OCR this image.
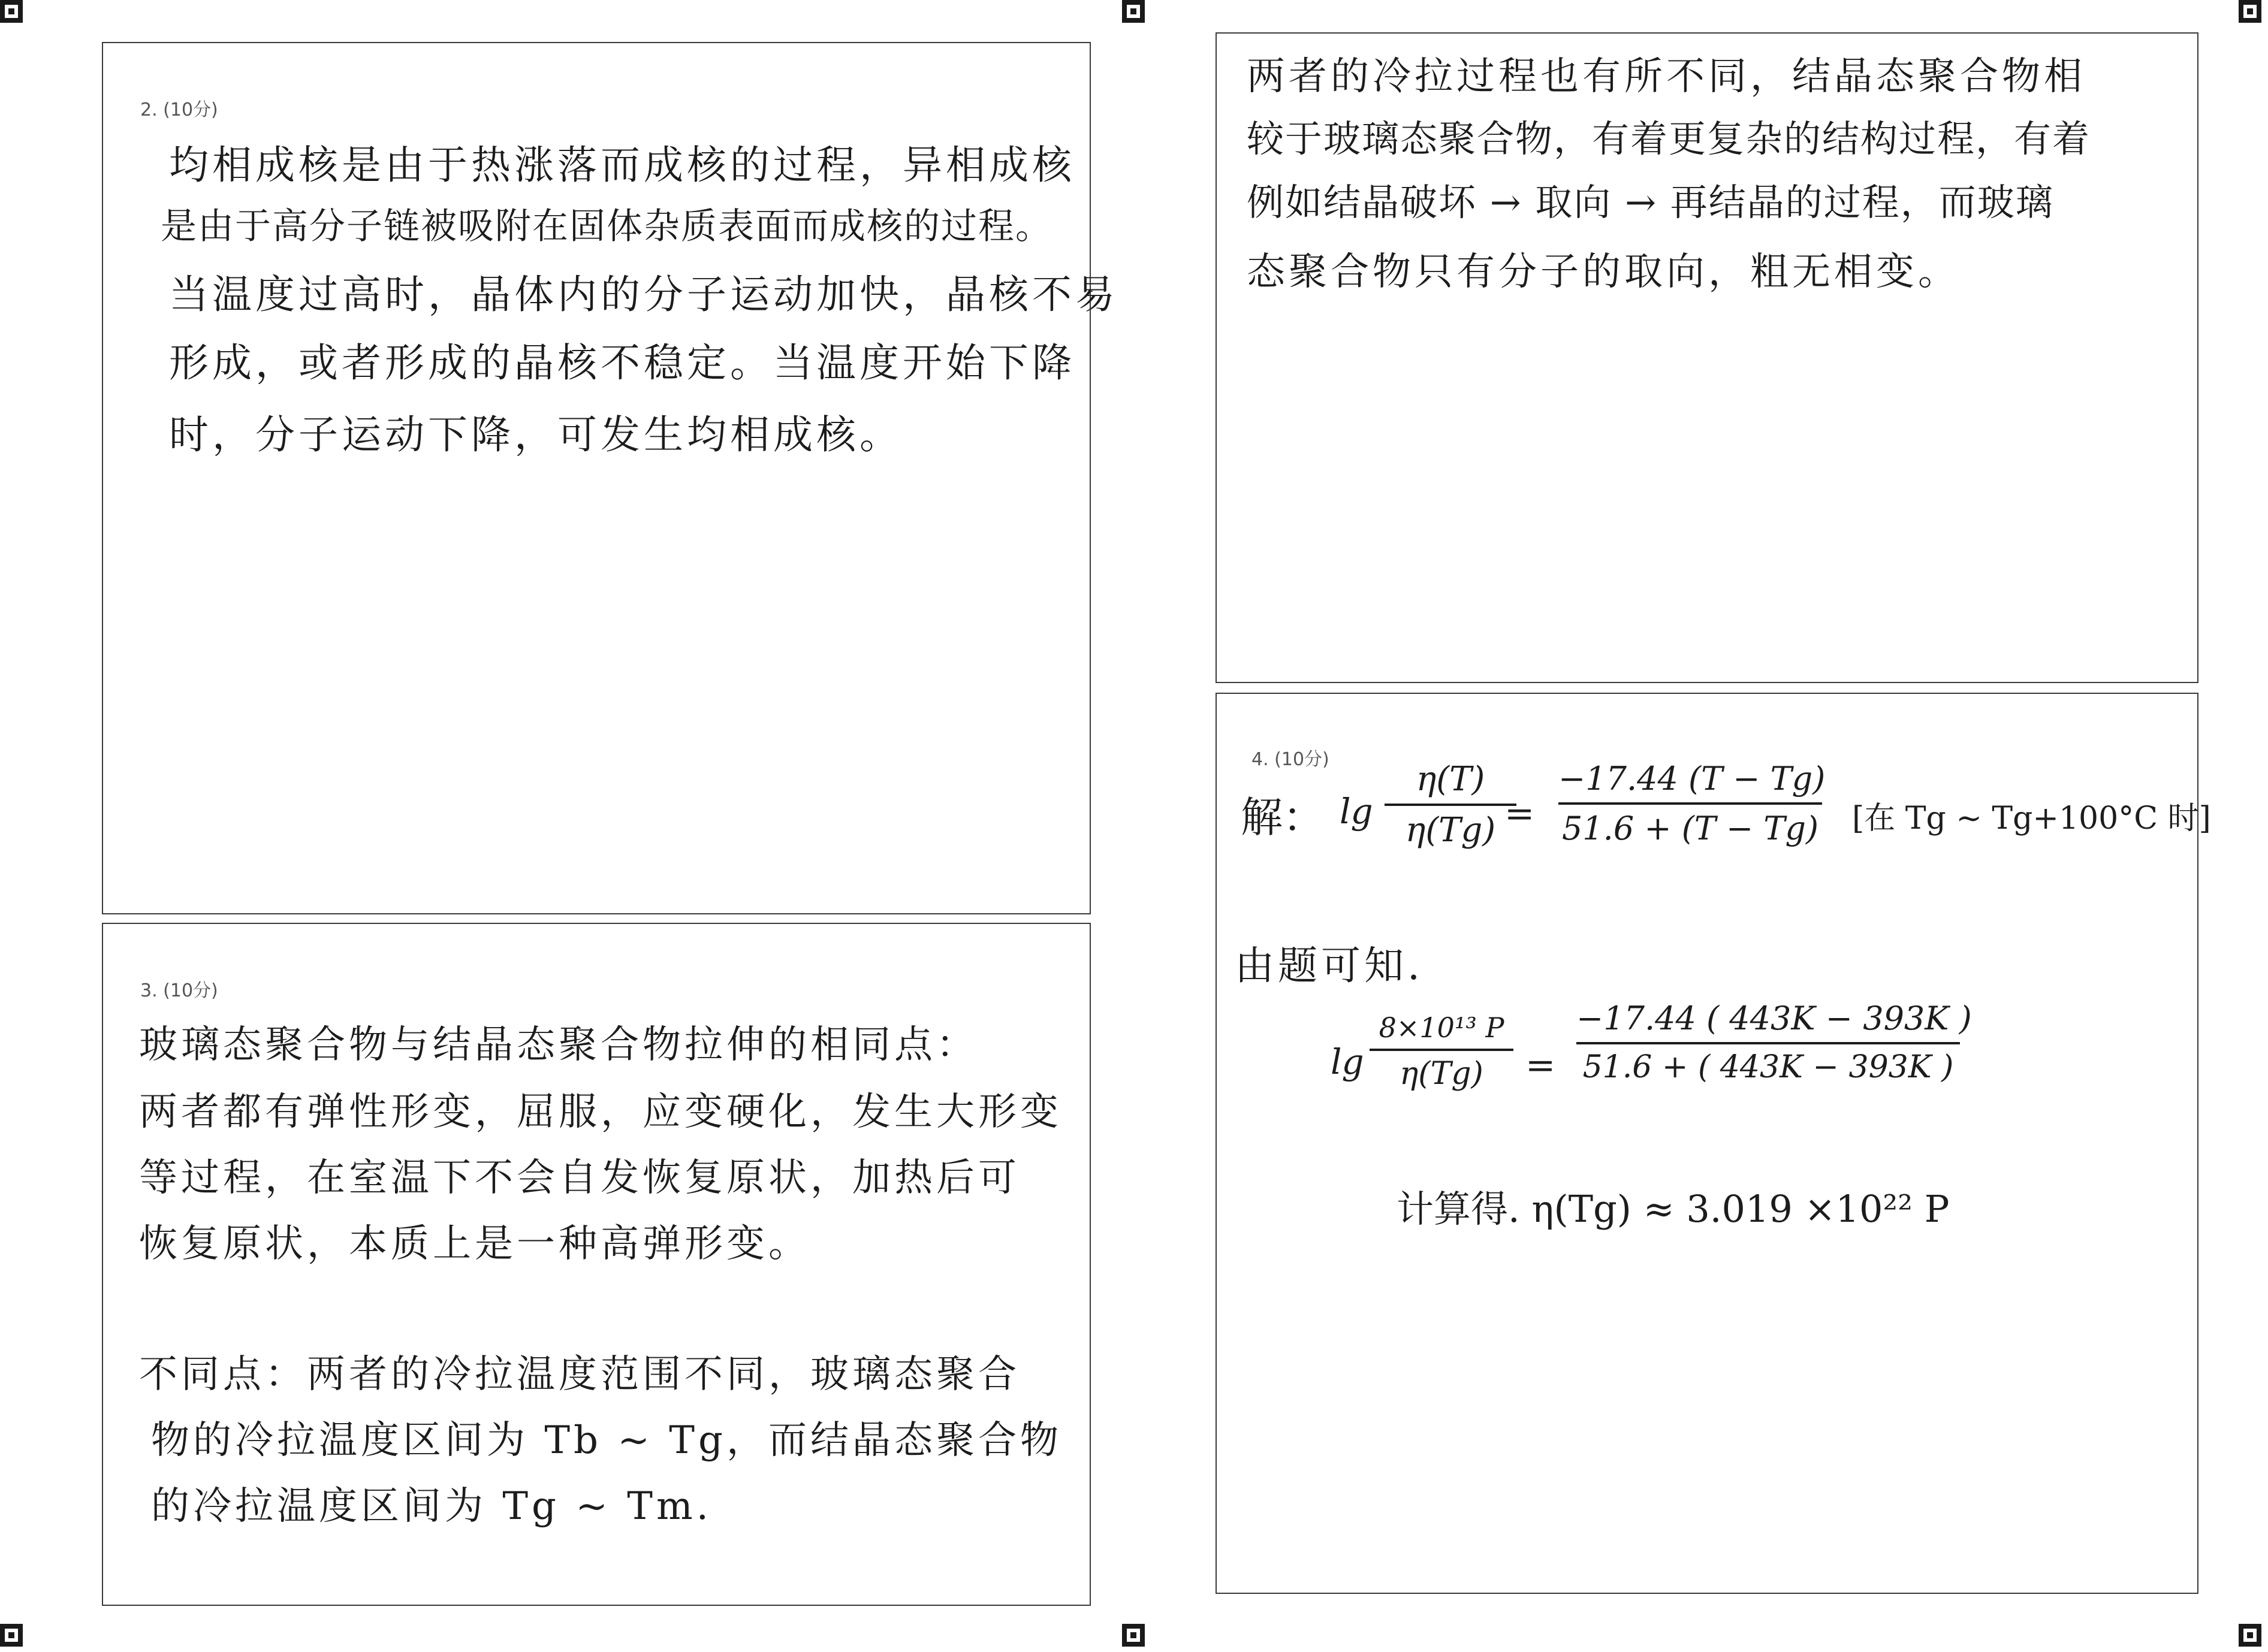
2. (10分)
均相成核是由于热涨落而成核的过程，异相成核
是由于高分子链被吸附在固体杂质表面而成核的过程。
当温度过高时，晶体内的分子运动加快，晶核不易
形成，或者形成的晶核不稳定。当温度开始下降
时，分子运动下降，可发生均相成核。
3. (10分)
玻璃态聚合物与结晶态聚合物拉伸的相同点：
两者都有弹性形变，屈服，应变硬化，发生大形变
等过程，在室温下不会自发恢复原状，加热后可
恢复原状，本质上是一种高弹形变。
不同点：两者的冷拉温度范围不同，玻璃态聚合
物的冷拉温度区间为 Tb ~ Tg，而结晶态聚合物
的冷拉温度区间为 Tg ~ Tm.
两者的冷拉过程也有所不同，结晶态聚合物相
较于玻璃态聚合物，有着更复杂的结构过程，有着
例如结晶破坏 → 取向 → 再结晶的过程，而玻璃
态聚合物只有分子的取向，粗无相变。
4. (10分)
解： lg
η(T)
η(Tg) =
−17.44 (T − Tg)
51.6 + (T − Tg) [在 Tg ~ Tg+100°C 时]
由题可知.
lg
8×10¹³ P
η(Tg)	=
−17.44 ( 443K − 393K )
51.6 + ( 443K − 393K )
计算得. η(Tg) ≈ 3.019 ×10²² P
